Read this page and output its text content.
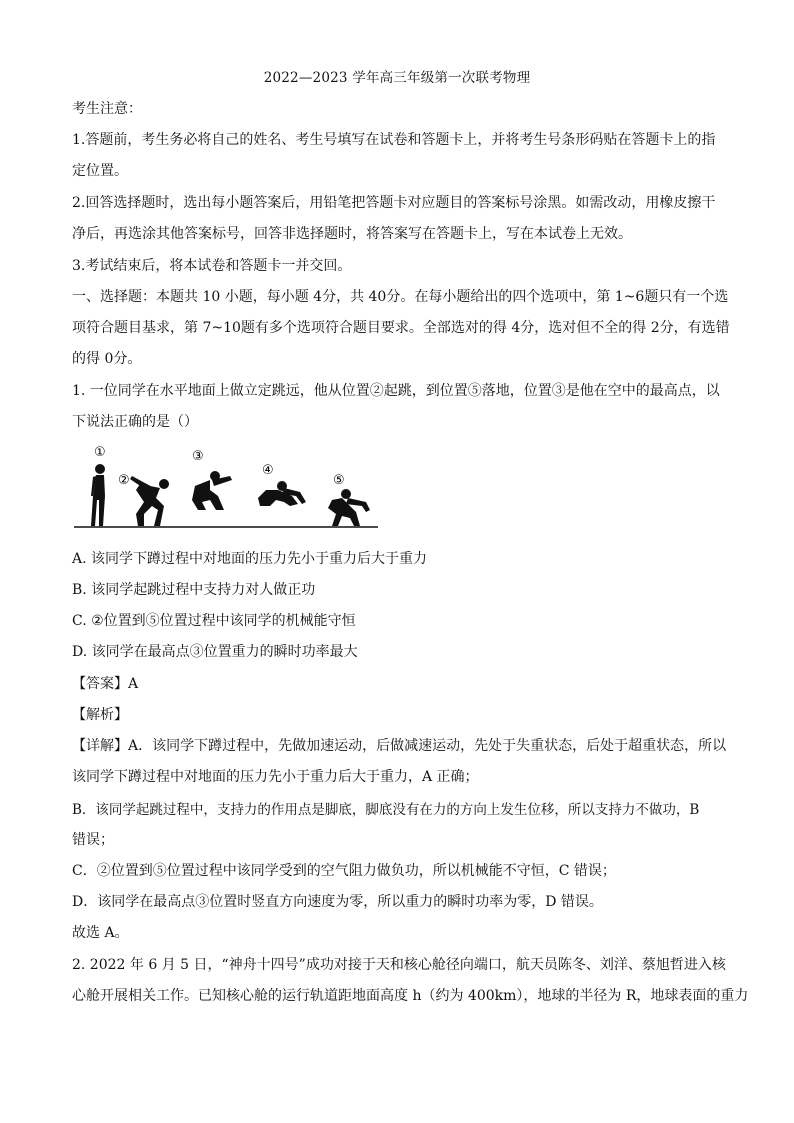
2022—2023 学年高三年级第一次联考物理
考生注意：
1.答题前，考生务必将自己的姓名、考生号填写在试卷和答题卡上，并将考生号条形码贴在答题卡上的指
定位置。
2.回答选择题时，选出每小题答案后，用铅笔把答题卡对应题目的答案标号涂黑。如需改动，用橡皮擦干
净后，再选涂其他答案标号，回答非选择题时，将答案写在答题卡上，写在本试卷上无效。
3.考试结束后，将本试卷和答题卡一并交回。
一、选择题：本题共 10 小题，每小题 4分，共 40分。在每小题给出的四个选项中，第 1~6题只有一个选
项符合题目基求，第 7~10题有多个选项符合题目要求。全部选对的得 4分，选对但不全的得 2分，有选错
的得 0分。
1. 一位同学在水平地面上做立定跳远，他从位置②起跳，到位置⑤落地，位置③是他在空中的最高点，以
下说法正确的是（）
①
②
③
④
⑤
A. 该同学下蹲过程中对地面的压力先小于重力后大于重力
B. 该同学起跳过程中支持力对人做正功
C. ②位置到⑤位置过程中该同学的机械能守恒
D. 该同学在最高点③位置重力的瞬时功率最大
【答案】A
【解析】
【详解】A．该同学下蹲过程中，先做加速运动，后做减速运动，先处于失重状态，后处于超重状态，所以
该同学下蹲过程中对地面的压力先小于重力后大于重力，A 正确；
B．该同学起跳过程中，支持力的作用点是脚底，脚底没有在力的方向上发生位移，所以支持力不做功，B
错误；
C．②位置到⑤位置过程中该同学受到的空气阻力做负功，所以机械能不守恒，C 错误；
D．该同学在最高点③位置时竖直方向速度为零，所以重力的瞬时功率为零，D 错误。
故选 A。
2. 2022 年 6 月 5 日，“神舟十四号”成功对接于天和核心舱径向端口，航天员陈冬、刘洋、蔡旭哲进入核
心舱开展相关工作。已知核心舱的运行轨道距地面高度 h（约为 400km），地球的半径为 R，地球表面的重力
